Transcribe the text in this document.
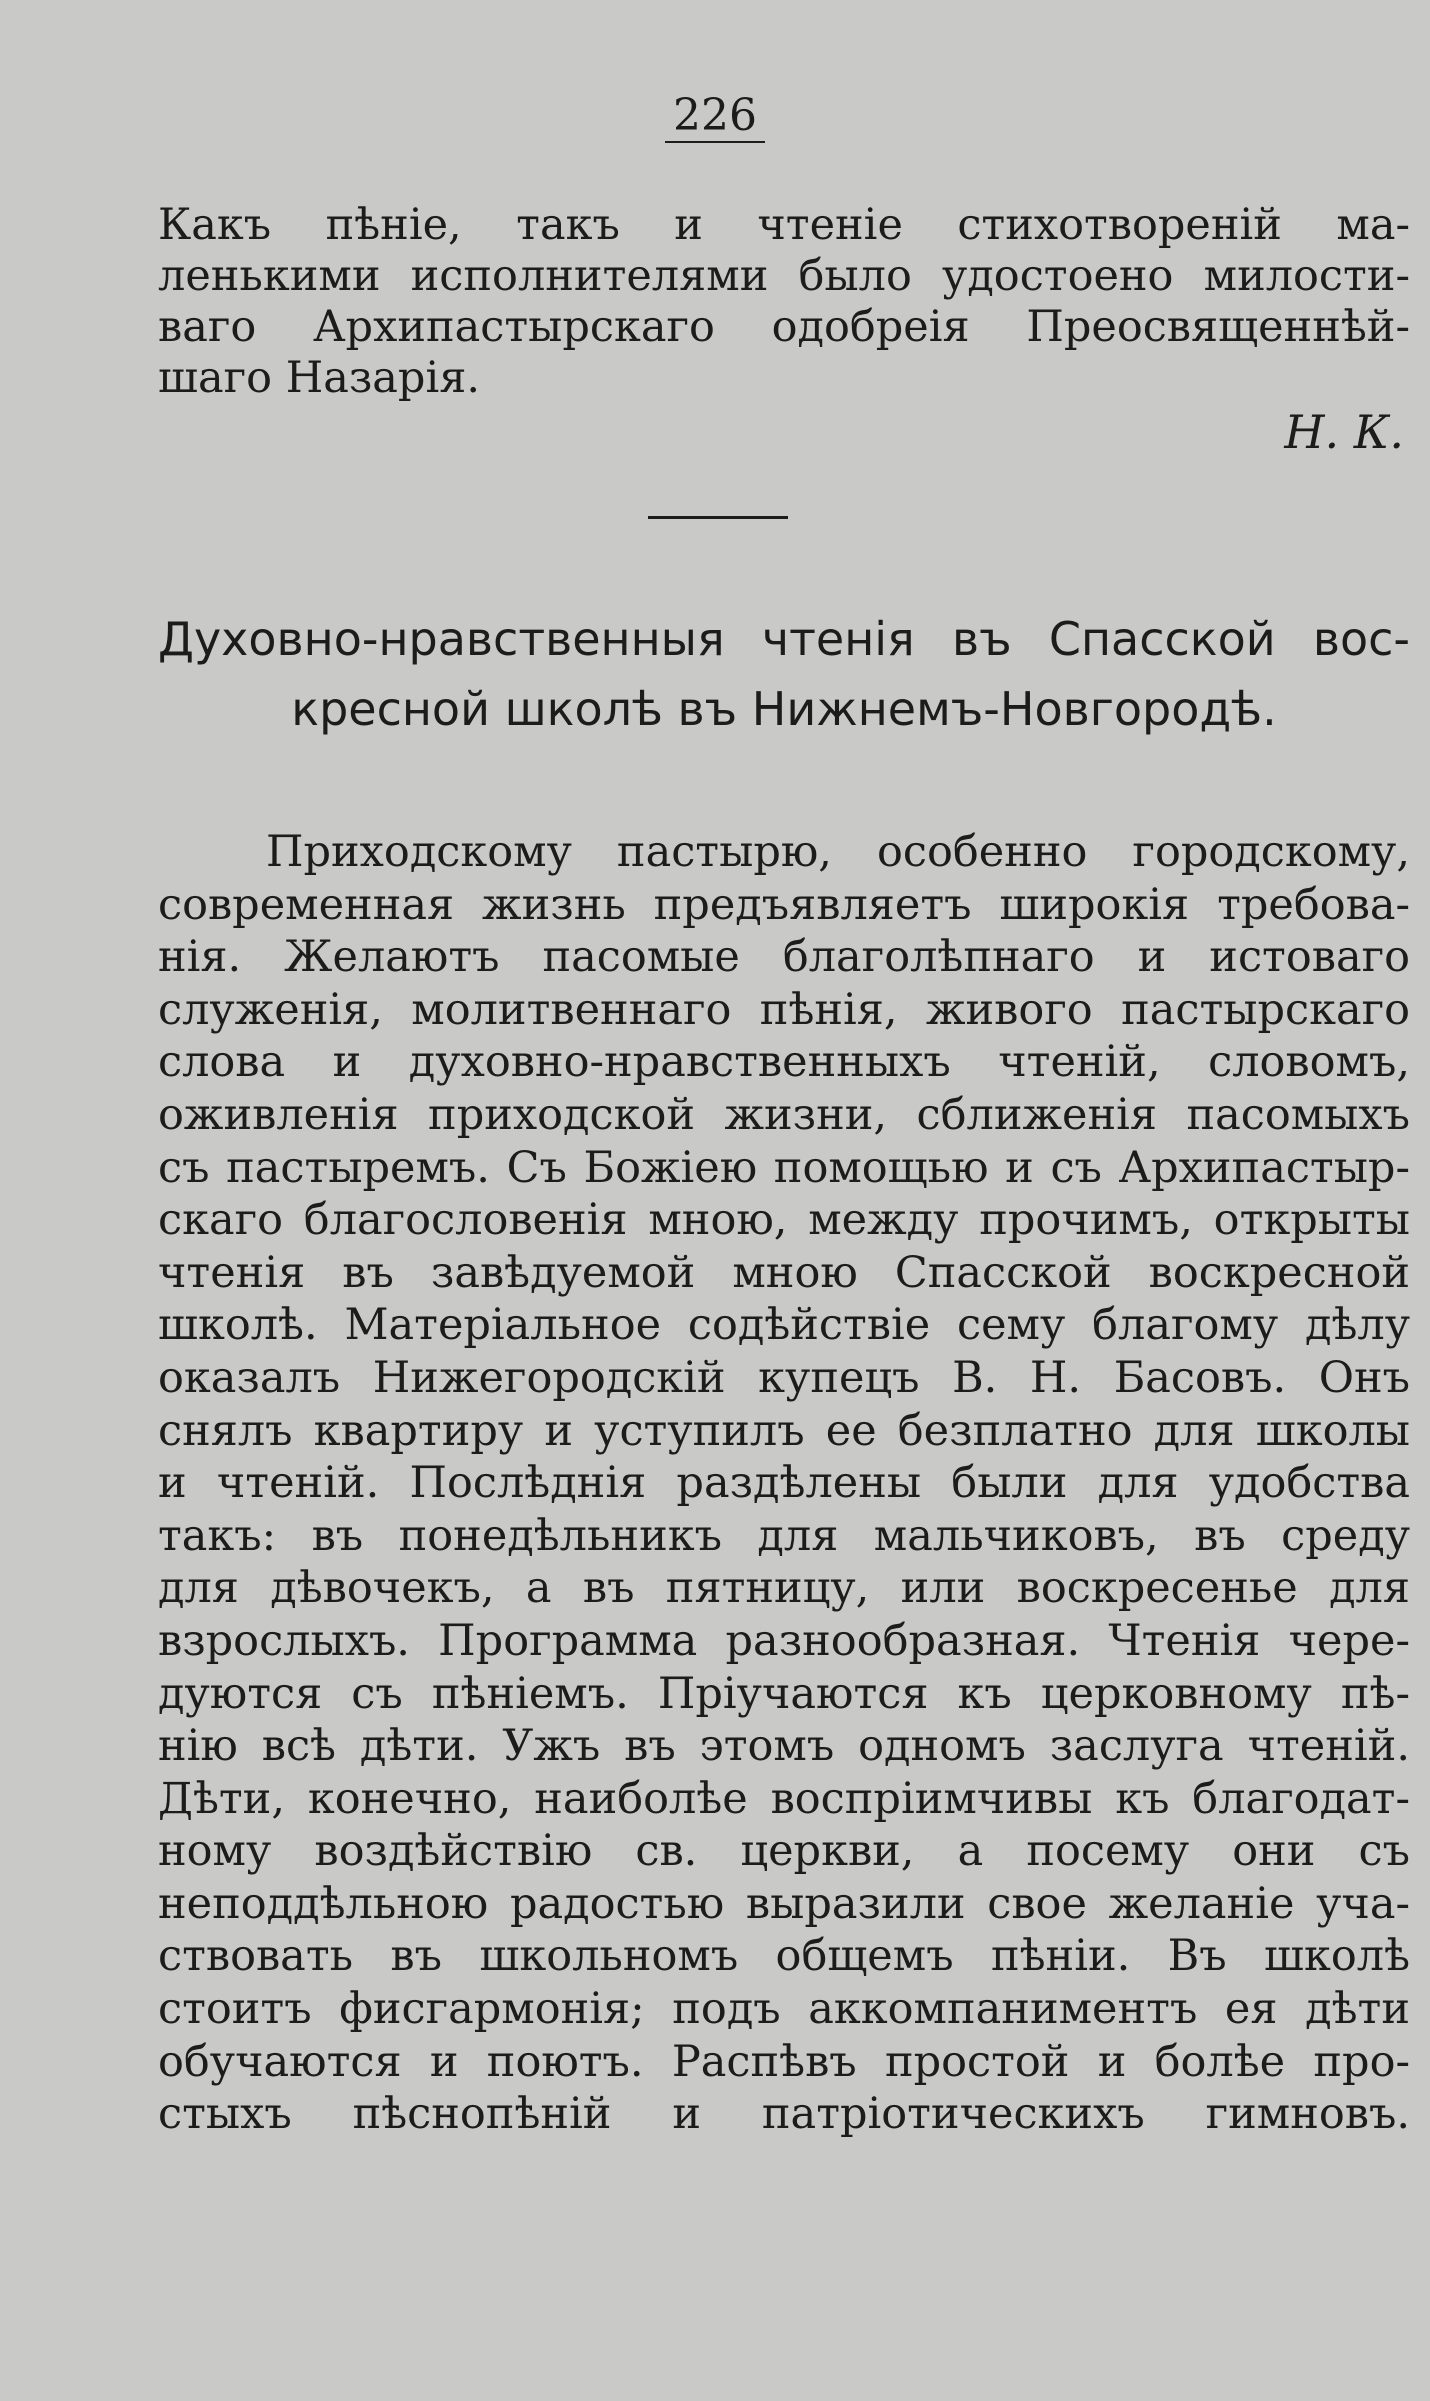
226
Какъ пѣніе, такъ и чтеніе стихотвореній ма-
ленькими исполнителями было удостоено милости-
ваго Архипастырскаго одобреія Преосвященнѣй-
шаго Назарія.
Н. К.
Духовно-нравственныя чтенія въ Спасской вос-
кресной школѣ въ Нижнемъ-Новгородѣ.
Приходскому пастырю, особенно городскому,
современная жизнь предъявляетъ широкія требова-
нія. Желаютъ пасомые благолѣпнаго и истоваго
служенія, молитвеннаго пѣнія, живого пастырскаго
слова и духовно-нравственныхъ чтеній, словомъ,
оживленія приходской жизни, сближенія пасомыхъ
съ пастыремъ. Съ Божіею помощью и съ Архипастыр-
скаго благословенія мною, между прочимъ, открыты
чтенія въ завѣдуемой мною Спасской воскресной
школѣ. Матеріальное содѣйствіе сему благому дѣлу
оказалъ Нижегородскій купецъ В. Н. Басовъ. Онъ
снялъ квартиру и уступилъ ее безплатно для школы
и чтеній. Послѣднія раздѣлены были для удобства
такъ: въ понедѣльникъ для мальчиковъ, въ среду
для дѣвочекъ, а въ пятницу, или воскресенье для
взрослыхъ. Программа разнообразная. Чтенія чере-
дуются съ пѣніемъ. Пріучаются къ церковному пѣ-
нію всѣ дѣти. Ужъ въ этомъ одномъ заслуга чтеній.
Дѣти, конечно, наиболѣе воспріимчивы къ благодат-
ному воздѣйствію св. церкви, а посему они съ
неподдѣльною радостью выразили свое желаніе уча-
ствовать въ школьномъ общемъ пѣніи. Въ школѣ
стоитъ фисгармонія; подъ аккомпаниментъ ея дѣти
обучаются и поютъ. Распѣвъ простой и болѣе про-
стыхъ пѣснопѣній и патріотическихъ гимновъ.
